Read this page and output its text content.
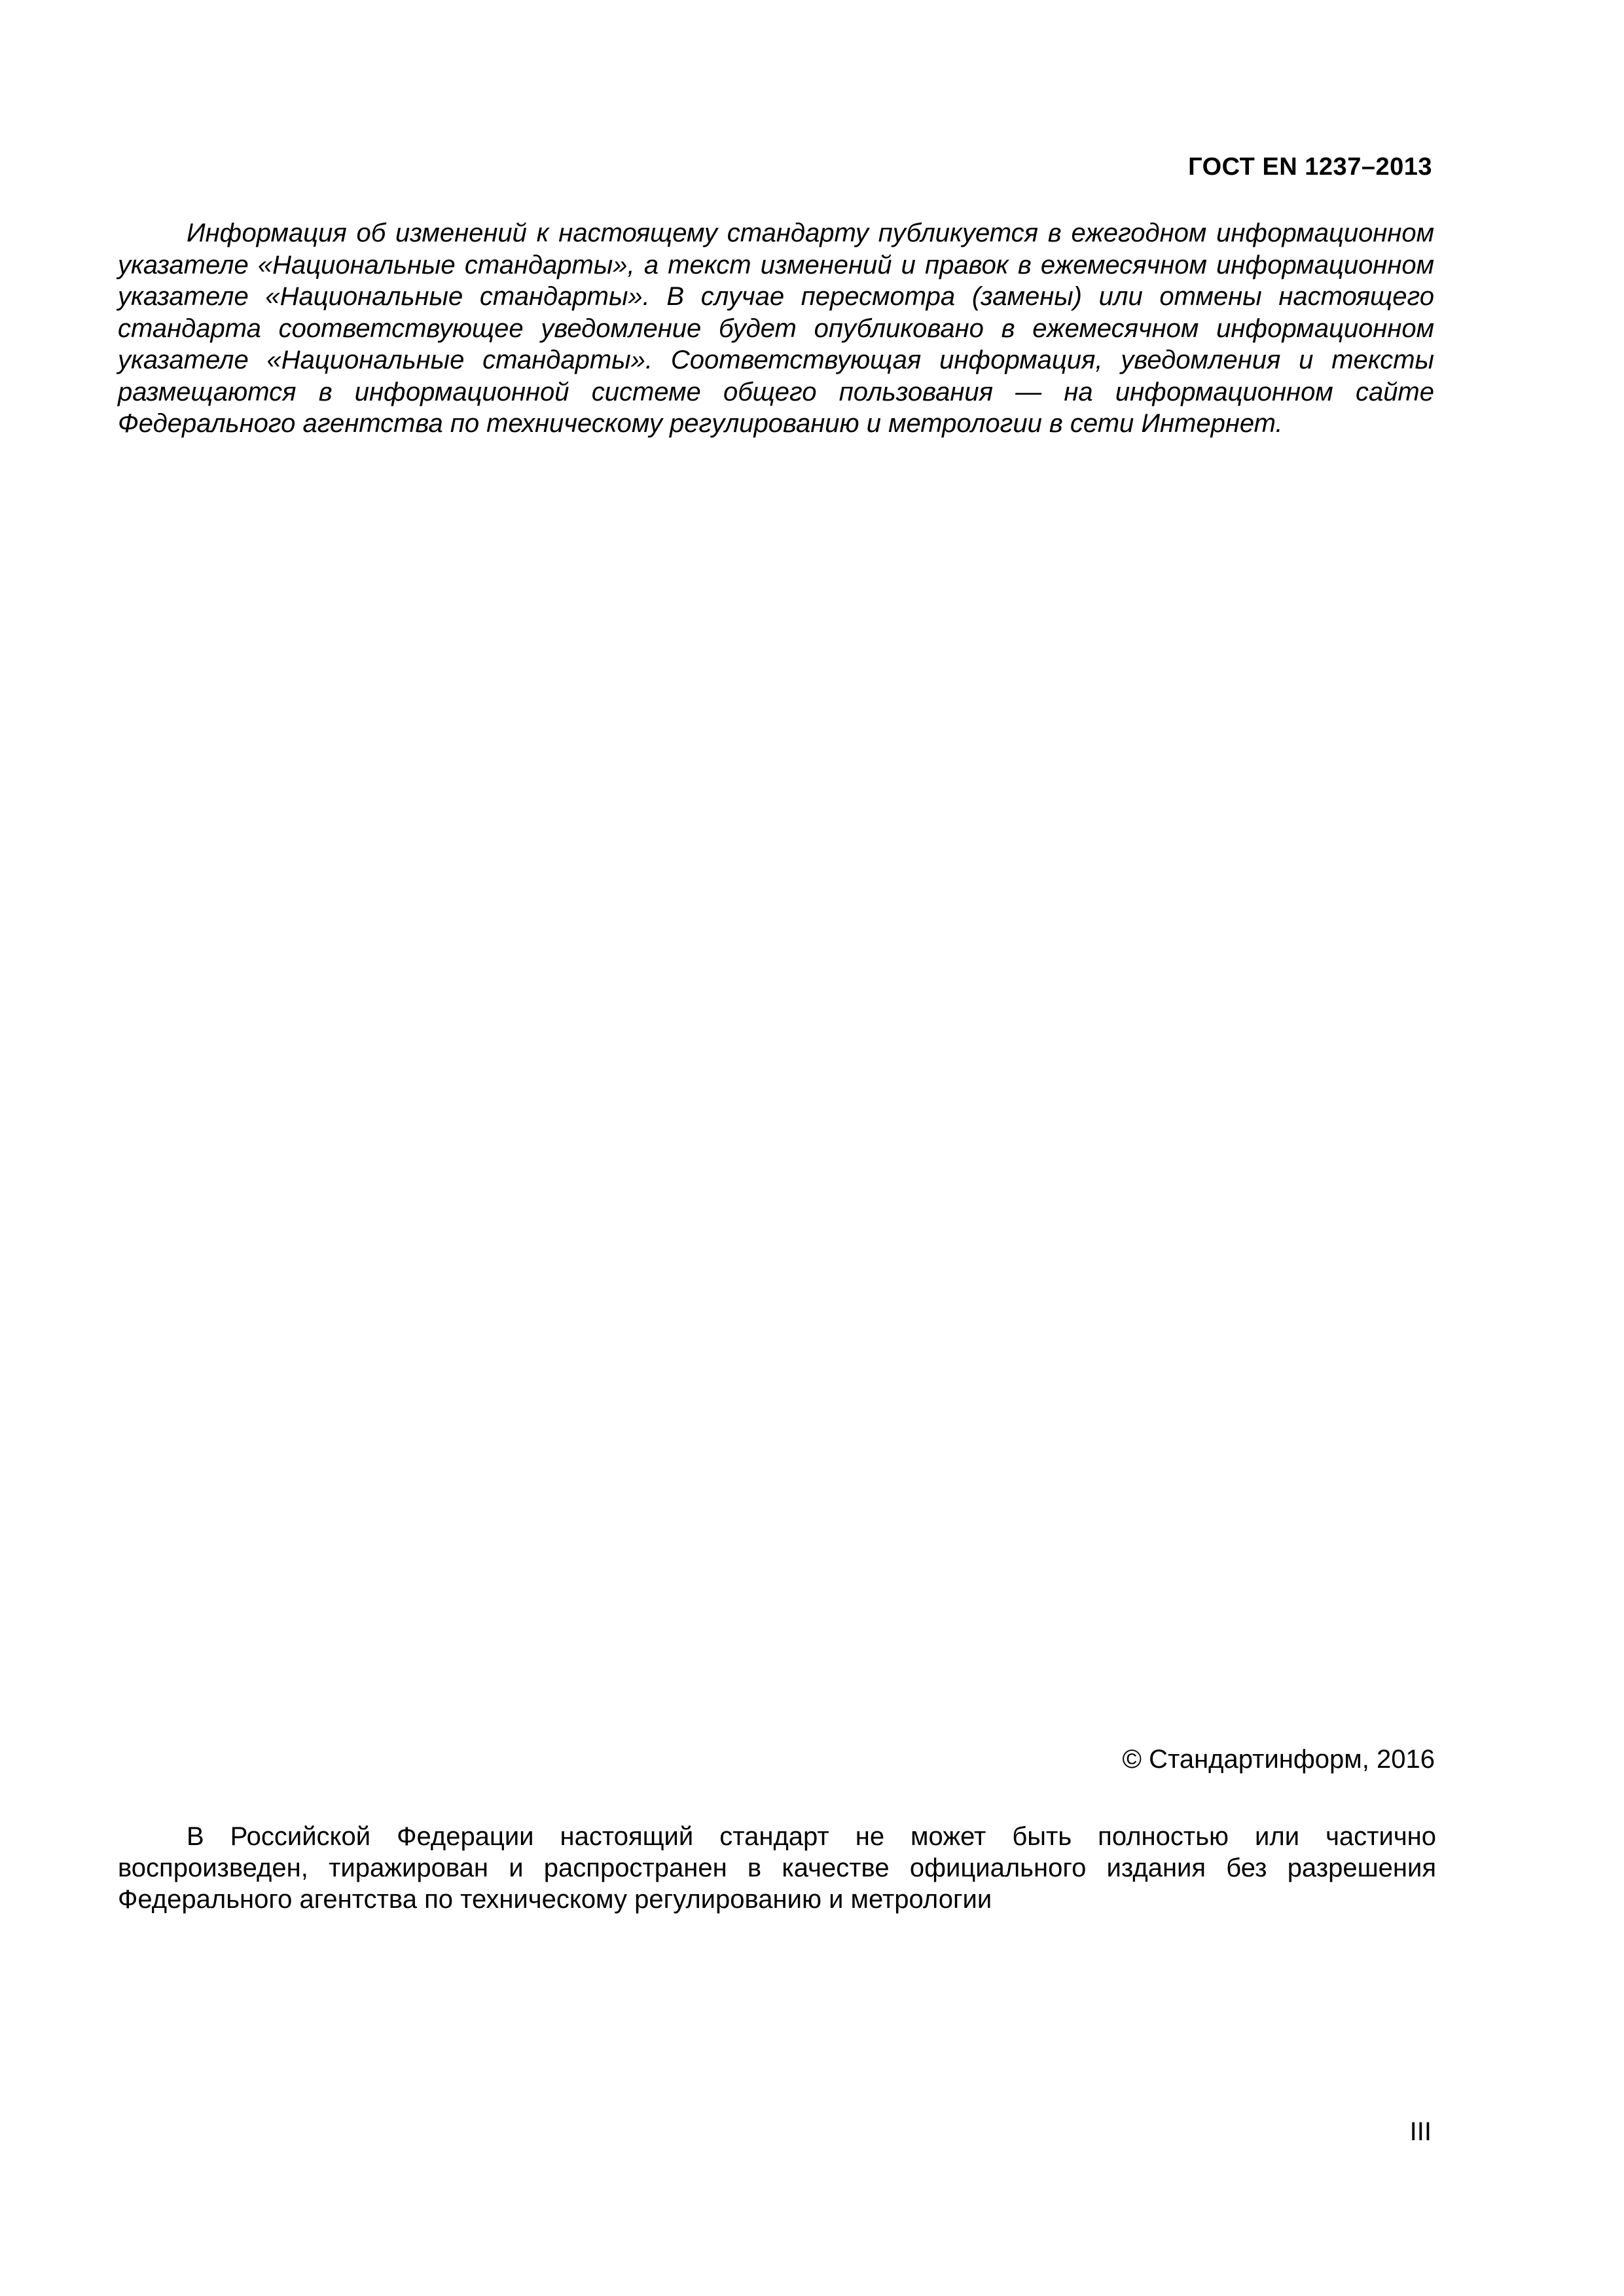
ГОСТ EN 1237–2013

Информация об изменений к настоящему стандарту публикуется в ежегодном информационном указателе «Национальные стандарты», а текст изменений и правок в ежемесячном информационном указателе «Национальные стандарты». В случае пересмотра (замены) или отмены настоящего стандарта соответствующее уведомление будет опубликовано в ежемесячном информационном указателе «Национальные стандарты». Соответствующая информация, уведомления и тексты размещаются в информационной системе общего пользования — на информационном сайте Федерального агентства по техническому регулированию и метрологии в сети Интернет.

© Стандартинформ, 2016

В Российской Федерации настоящий стандарт не может быть полностью или частично воспроизведен, тиражирован и распространен в качестве официального издания без разрешения Федерального агентства по техническому регулированию и метрологии

III
